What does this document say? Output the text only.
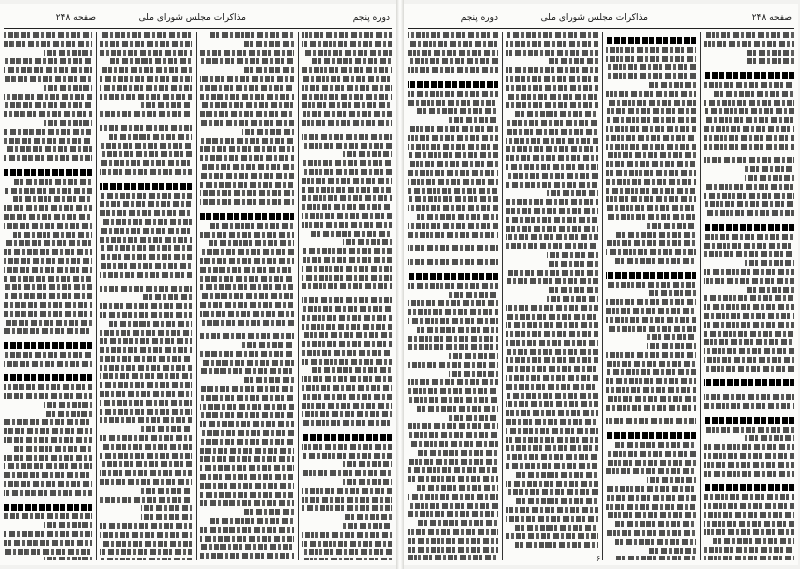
دوره پنجم
مذاکرات مجلس شورای ملی
صفحه ۲۴۸	صفحه ۲۴۸
مذاکرات مجلس شورای ملی
دوره پنجم
۶
